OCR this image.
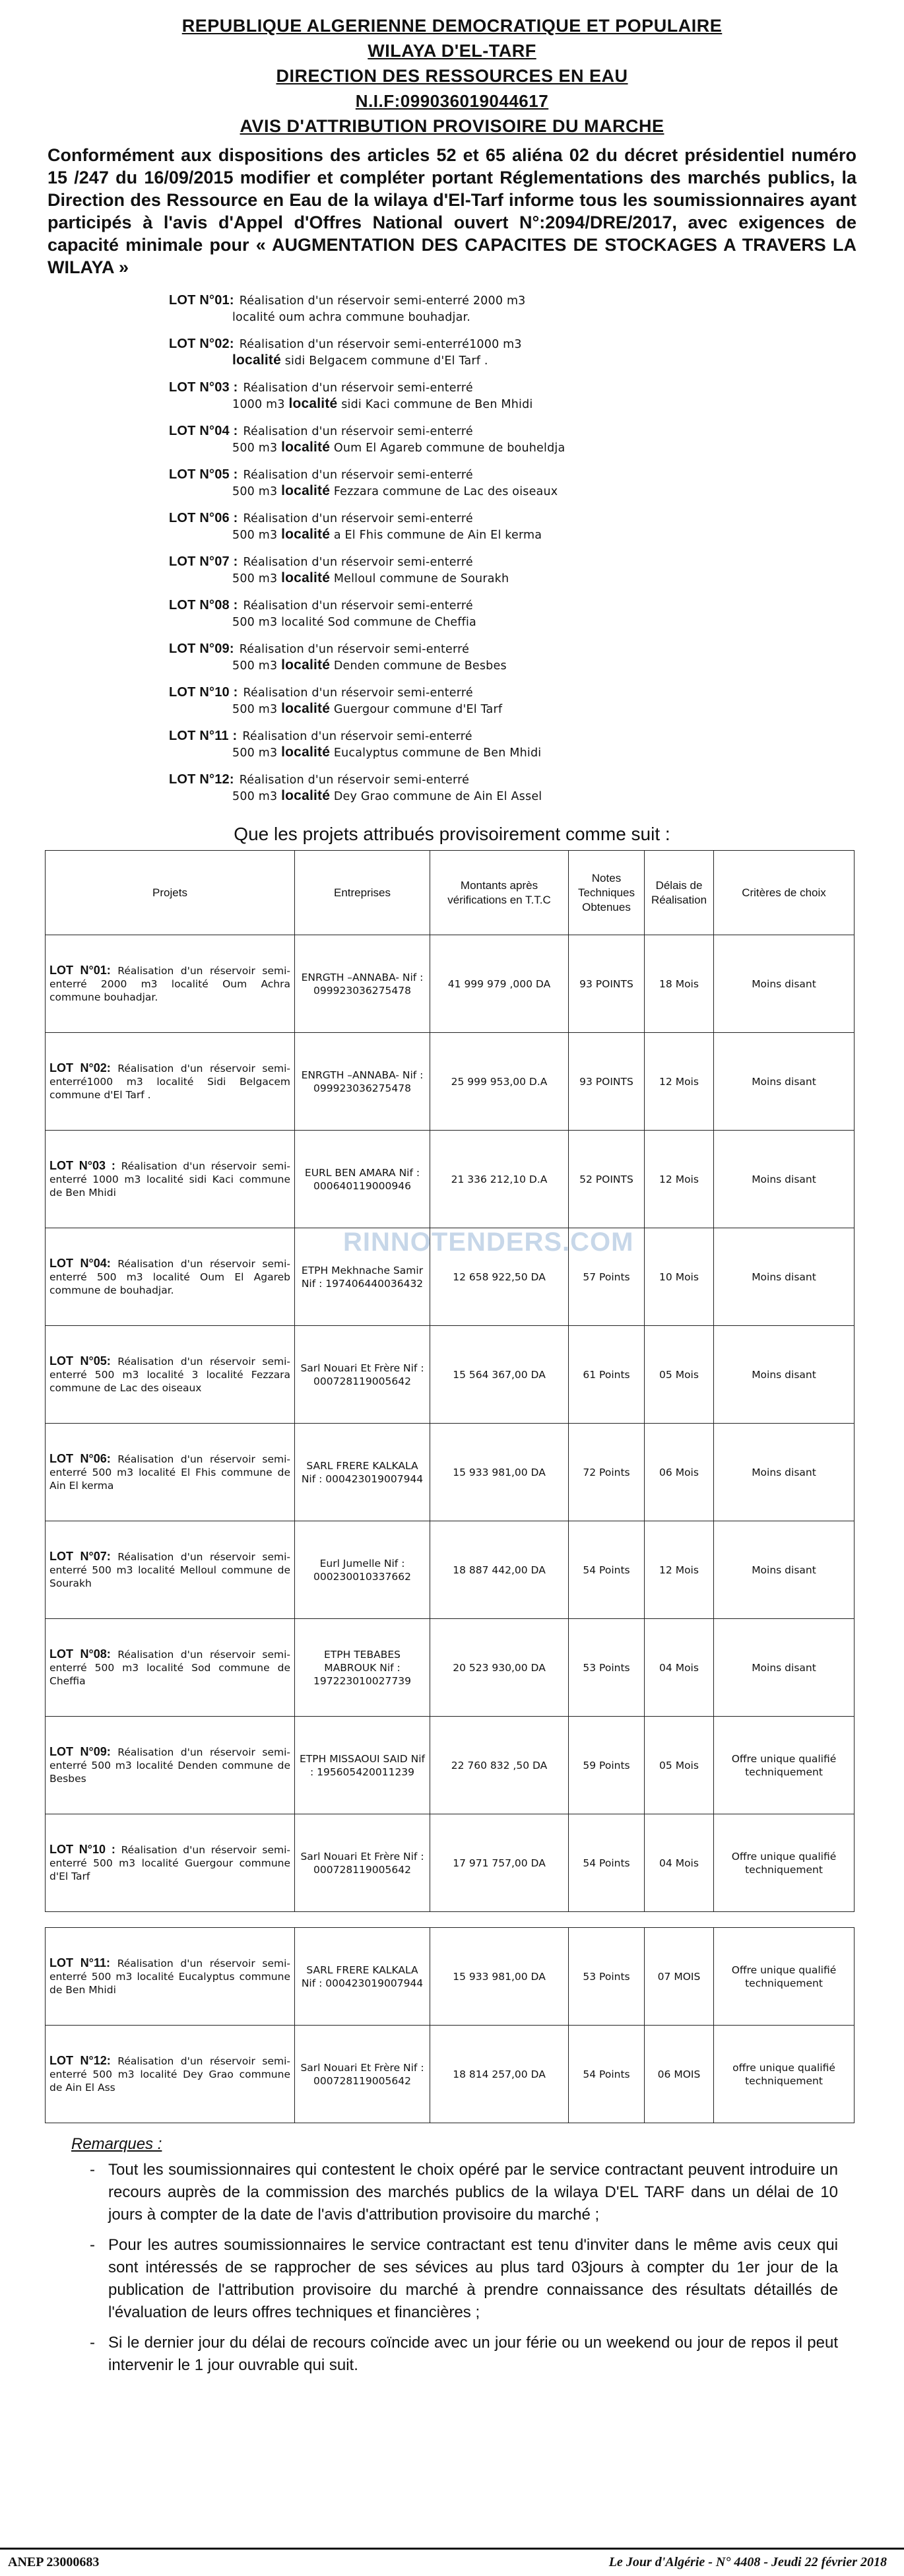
REPUBLIQUE ALGERIENNE DEMOCRATIQUE ET POPULAIRE
WILAYA D'EL-TARF
DIRECTION DES RESSOURCES EN EAU
N.I.F:099036019044617
AVIS D'ATTRIBUTION PROVISOIRE DU MARCHE

Conformément aux dispositions des articles 52 et 65 aliéna 02 du décret présidentiel numéro 15 /247 du 16/09/2015 modifier et compléter portant Réglementations des marchés publics, la Direction des Ressource en Eau de la wilaya d'El-Tarf informe tous les soumissionnaires ayant participés à l'avis d'Appel d'Offres National ouvert N°:2094/DRE/2017, avec exigences de capacité minimale pour « AUGMENTATION DES CAPACITES DE STOCKAGES A TRAVERS LA WILAYA »

LOT N°01: Réalisation d'un réservoir semi-enterré 2000 m3
localité oum achra commune bouhadjar.
LOT N°02: Réalisation d'un réservoir semi-enterré1000 m3
localité sidi Belgacem commune d'El Tarf .
LOT N°03 : Réalisation d'un réservoir semi-enterré
1000 m3 localité sidi Kaci commune de Ben Mhidi
LOT N°04 : Réalisation d'un réservoir semi-enterré
500 m3 localité Oum El Agareb commune de bouheldja
LOT N°05 : Réalisation d'un réservoir semi-enterré
500 m3 localité Fezzara commune de Lac des oiseaux
LOT N°06 : Réalisation d'un réservoir semi-enterré
500 m3 localité a El Fhis commune de Ain El kerma
LOT N°07 : Réalisation d'un réservoir semi-enterré
500 m3 localité Melloul commune de Sourakh
LOT N°08 : Réalisation d'un réservoir semi-enterré
500 m3 localité Sod commune de Cheffia
LOT N°09: Réalisation d'un réservoir semi-enterré
500 m3 localité Denden commune de Besbes
LOT N°10 : Réalisation d'un réservoir semi-enterré
500 m3 localité Guergour commune d'El Tarf
LOT N°11 : Réalisation d'un réservoir semi-enterré
500 m3 localité Eucalyptus commune de Ben Mhidi
LOT N°12: Réalisation d'un réservoir semi-enterré
500 m3 localité Dey Grao commune de Ain El Assel
Que les projets attribués provisoirement comme suit :
Projets	Entreprises	Montants après vérifications en T.T.C	Notes Techniques Obtenues	Délais de Réalisation	Critères de choix
LOT N°01: Réalisation d'un réservoir semi-enterré 2000 m3 localité Oum Achra commune bouhadjar.	ENRGTH –ANNABA- Nif : 099923036275478	41 999 979 ,000 DA	93 POINTS	18 Mois	Moins disant
LOT N°02: Réalisation d'un réservoir semi-enterré1000 m3 localité Sidi Belgacem commune d'El Tarf .	ENRGTH –ANNABA- Nif : 099923036275478	25 999 953,00 D.A	93 POINTS	12 Mois	Moins disant
LOT N°03 : Réalisation d'un réservoir semi-enterré 1000 m3 localité sidi Kaci commune de Ben Mhidi	EURL BEN AMARA Nif : 000640119000946	21 336 212,10 D.A	52 POINTS	12 Mois	Moins disant
LOT N°04: Réalisation d'un réservoir semi-enterré 500 m3 localité Oum El Agareb commune de bouhadjar.	ETPH Mekhnache Samir Nif : 197406440036432	12 658 922,50 DA	57 Points	10 Mois	Moins disant
LOT N°05: Réalisation d'un réservoir semi-enterré 500 m3 localité 3 localité Fezzara commune de Lac des oiseaux	Sarl Nouari Et Frère Nif : 000728119005642	15 564 367,00 DA	61 Points	05 Mois	Moins disant
LOT N°06: Réalisation d'un réservoir semi-enterré 500 m3 localité El Fhis commune de Ain El kerma	SARL FRERE KALKALA Nif : 000423019007944	15 933 981,00 DA	72 Points	06 Mois	Moins disant
LOT N°07: Réalisation d'un réservoir semi-enterré 500 m3 localité Melloul commune de Sourakh	Eurl Jumelle Nif : 000230010337662	18 887 442,00 DA	54 Points	12 Mois	Moins disant
LOT N°08: Réalisation d'un réservoir semi-enterré 500 m3 localité Sod commune de Cheffia	ETPH TEBABES MABROUK Nif : 197223010027739	20 523 930,00 DA	53 Points	04 Mois	Moins disant
LOT N°09: Réalisation d'un réservoir semi-enterré 500 m3 localité Denden commune de Besbes	ETPH MISSAOUI SAID Nif : 195605420011239	22 760 832 ,50 DA	59 Points	05 Mois	Offre unique qualifié techniquement
LOT N°10 : Réalisation d'un réservoir semi-enterré 500 m3 localité Guergour commune d'El Tarf	Sarl Nouari Et Frère Nif : 000728119005642	17 971 757,00 DA	54 Points	04 Mois	Offre unique qualifié techniquement

LOT N°11: Réalisation d'un réservoir semi-enterré 500 m3 localité Eucalyptus commune de Ben Mhidi	SARL FRERE KALKALA Nif : 000423019007944	15 933 981,00 DA	53 Points	07 MOIS	Offre unique qualifié techniquement
LOT N°12: Réalisation d'un réservoir semi-enterré 500 m3 localité Dey Grao commune de Ain El Ass	Sarl Nouari Et Frère Nif : 000728119005642	18 814 257,00 DA	54 Points	06 MOIS	offre unique qualifié techniquement
Remarques :
- Tout les soumissionnaires qui contestent le choix opéré par le service contractant peuvent introduire un recours auprès de la commission des marchés publics de la wilaya D'EL TARF dans un délai de 10 jours à compter de la date de l'avis d'attribution provisoire du marché ;
- Pour les autres soumissionnaires le service contractant est tenu d'inviter dans le même avis ceux qui sont intéressés de se rapprocher de ses sévices au plus tard 03jours à compter du 1er jour de la publication de l'attribution provisoire du marché à prendre connaissance des résultats détaillés de l'évaluation de leurs offres techniques et financières ;
- Si le dernier jour du délai de recours coïncide avec un jour férie ou un weekend ou jour de repos il peut intervenir le 1 jour ouvrable qui suit.
RINNOTENDERS.COM
ANEP 23000683	Le Jour d'Algérie - N° 4408 - Jeudi 22 février 2018
